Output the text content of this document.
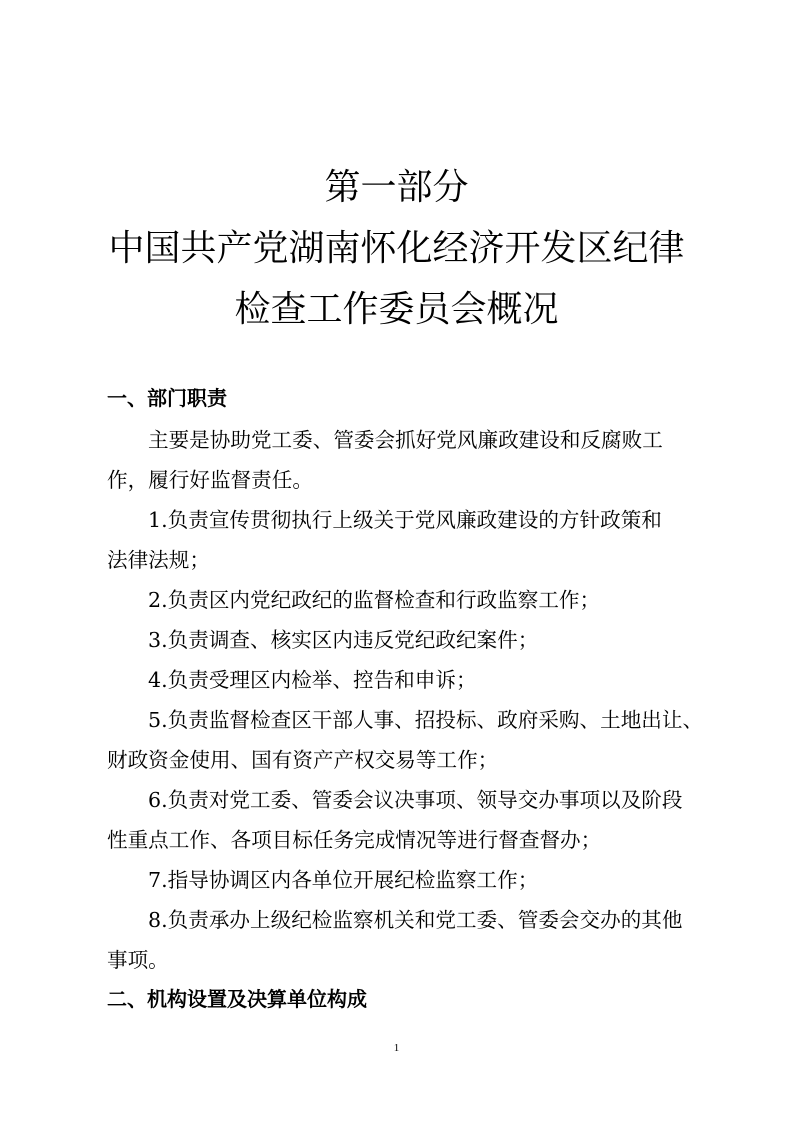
第一部分
中国共产党湖南怀化经济开发区纪律
检查工作委员会概况
一、部门职责
主要是协助党工委、管委会抓好党风廉政建设和反腐败工
作，履行好监督责任。
1.负责宣传贯彻执行上级关于党风廉政建设的方针政策和
法律法规；
2.负责区内党纪政纪的监督检查和行政监察工作；
3.负责调查、核实区内违反党纪政纪案件；
4.负责受理区内检举、控告和申诉；
5.负责监督检查区干部人事、招投标、政府采购、土地出让、
财政资金使用、国有资产产权交易等工作；
6.负责对党工委、管委会议决事项、领导交办事项以及阶段
性重点工作、各项目标任务完成情况等进行督查督办；
7.指导协调区内各单位开展纪检监察工作；
8.负责承办上级纪检监察机关和党工委、管委会交办的其他
事项。
二、机构设置及决算单位构成
1
